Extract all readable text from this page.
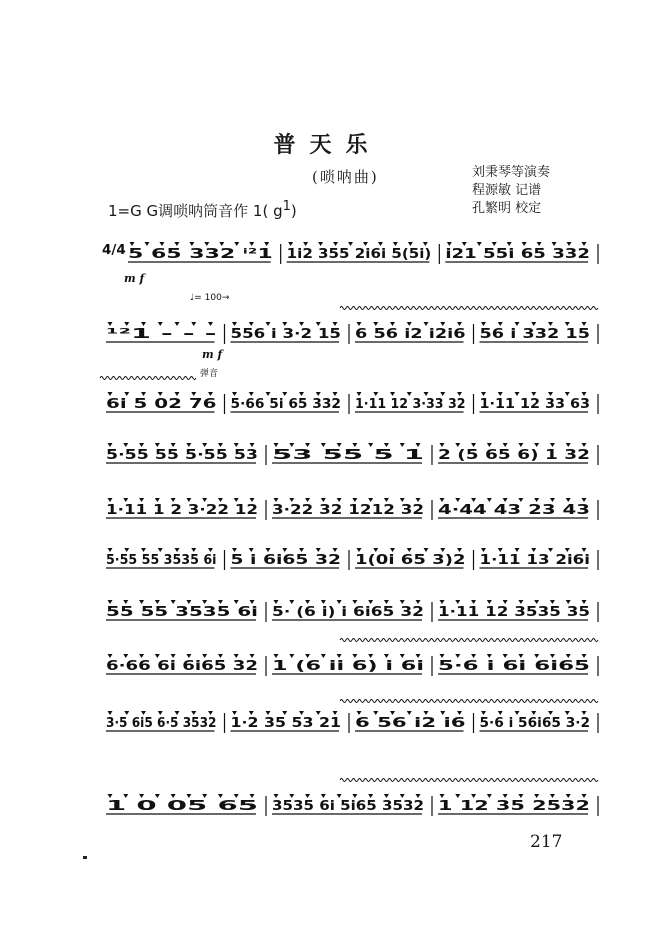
普天乐
(唢呐曲)	刘秉琴等演奏
程源敏 记谱
孔繁明 校定
1=G G调唢呐筒音作 1( g$^1$)
4/4
m f
5 65 332 ⁱ²1 1i2 355 2i6i 5(5i) i21 55i 65 332
♩= 100→
m f
弹音
¹²1 - - - 556 i 3·2 15 6 56 i2 i2i6 56 i 332 15
6i 5 02 76 5·66 5i 65 332 1·11 12 3·33 32 1·11 12 33 63
5·55 55 5·55 53 53 55 5 1 2 (5 65 6) 1 32
1·11 1 2 3·22 12 3·22 32 1212 32 4·44 43 23 43
5·55 55 3535 6i 5 i 6i65 32 1(0i 65 3)2 1·11 13 2i6i
55 55 3535 6i 5· (6 i) i 6i65 32 1·11 12 3535 35
6·66 6i 6i65 32 1 (6 ii 6) i 6i 5·6 i 6i 6i65
3·5 6i5 6·5 3532 1·2 35 53 21 6 56 i2 i6 5·6 i 56i65 3·2
1 0 05 65 3535 6i 5i65 3532 1 12 35 2532
217
